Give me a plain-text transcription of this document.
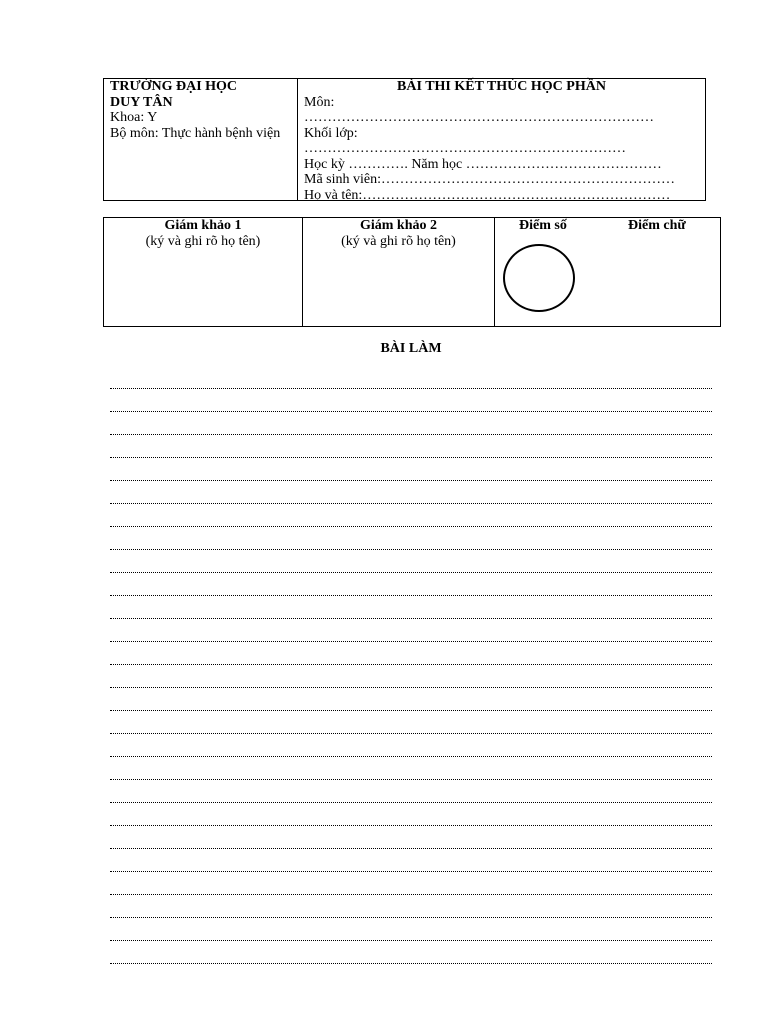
TRƯỜNG ĐẠI HỌC DUY TÂN
Khoa: Y
Bộ môn: Thực hành bệnh viện
BÀI THI KẾT THÚC HỌC PHẦN
Môn:
…………………………………………………………………
Khối lớp:
……………………………………………………………
Học kỳ …………. Năm học ……………………………………
Mã sinh viên:………………………………………………………
Họ và tên:…………………………………………………………
Giám khảo 1
(ký và ghi rõ họ tên)
Giám khảo 2
(ký và ghi rõ họ tên)
Điểm số	Điểm chữ
BÀI LÀM
